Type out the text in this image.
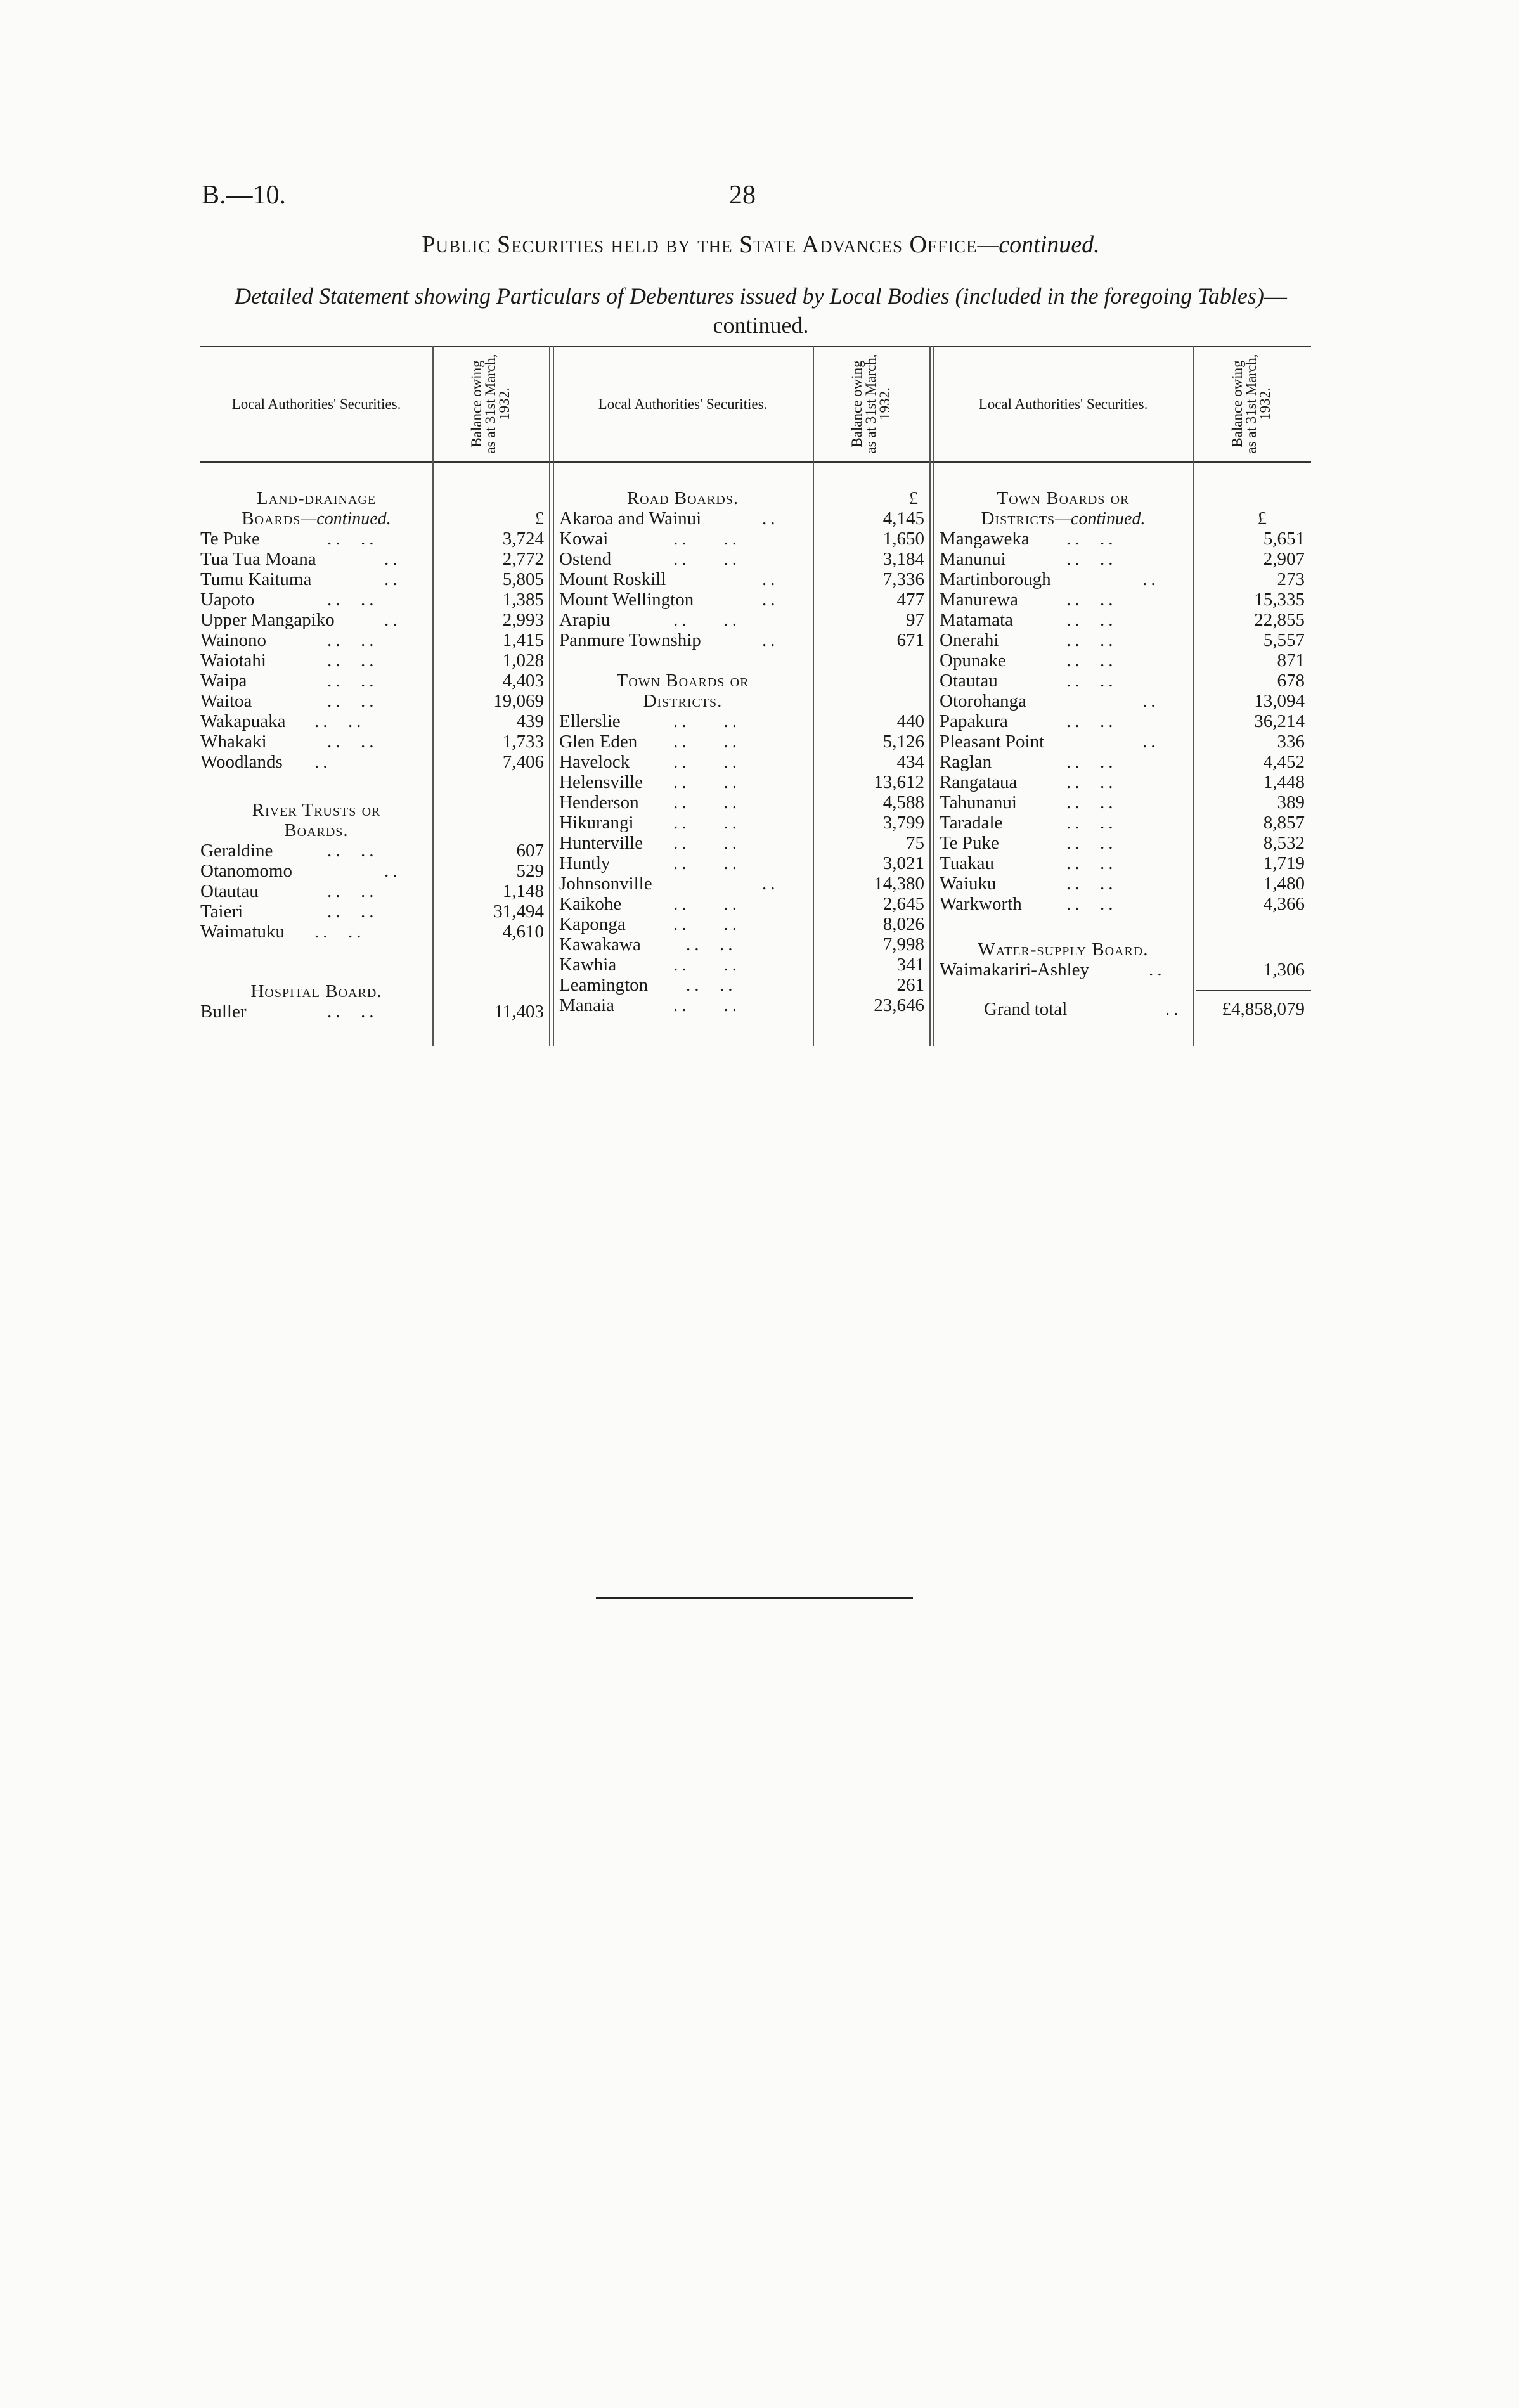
B.—10.	28
Public Securities held by the State Advances Office—continued.
Detailed Statement showing Particulars of Debentures issued by Local Bodies (included in the foregoing Tables)—continued.
Local Authorities' Securities.	Balance owing as at 31st March, 1932.	Local Authorities' Securities.	Balance owing as at 31st March, 1932.	Local Authorities' Securities.	Balance owing as at 31st March, 1932.
Land-drainage
Boards—continued.	£
Te Puke	..  ..	3,724
Tua Tua Moana	..	2,772
Tumu Kaituma	..	5,805
Uapoto	..  ..	1,385
Upper Mangapiko	..	2,993
Wainono	..  ..	1,415
Waiotahi	..  ..	1,028
Waipa	..  ..	4,403
Waitoa	..  ..	19,069
Wakapuaka ..  ..	439
Whakaki	..  ..	1,733
Woodlands ..	7,406
River Trusts or
Boards.
Geraldine	..  ..	607
Otanomomo	..	529
Otautau	..  ..	1,148
Taieri	..  ..	31,494
Waimatuku ..  ..	4,610
Hospital Board.
Buller	..  ..	11,403
Road Boards.	£
Akaroa and Wainui	..	4,145
Kowai	..    ..	1,650
Ostend	..    ..	3,184
Mount Roskill	..	7,336
Mount Wellington	..	477
Arapiu	..    ..	97
Panmure Township	..	671
Town Boards or
Districts.
Ellerslie	..    ..	440
Glen Eden ..    ..	5,126
Havelock ..    ..	434
Helensville ..    ..	13,612
Henderson ..    ..	4,588
Hikurangi ..    ..	3,799
Hunterville ..    ..	75
Huntly	..    ..	3,021
Johnsonville	..	14,380
Kaikohe	..    ..	2,645
Kaponga	..    ..	8,026
Kawakawa ..  ..	7,998
Kawhia	..    ..	341
Leamington ..  ..	261
Manaia	..    ..	23,646
Town Boards or
Districts—continued.	£
Mangaweka ..  ..	5,651
Manunui	..  ..	2,907
Martinborough	..	273
Manurewa	..  ..	15,335
Matamata	..  ..	22,855
Onerahi	..  ..	5,557
Opunake	..  ..	871
Otautau	..  ..	678
Otorohanga	..	13,094
Papakura	..  ..	36,214
Pleasant Point	..	336
Raglan	..  ..	4,452
Rangataua	..  ..	1,448
Tahunanui	..  ..	389
Taradale	..  ..	8,857
Te Puke	..  ..	8,532
Tuakau	..  ..	1,719
Waiuku	..  ..	1,480
Warkworth ..  ..	4,366
Water-supply Board.
Waimakariri-Ashley	..	1,306
Grand total	.. £4,858,079
